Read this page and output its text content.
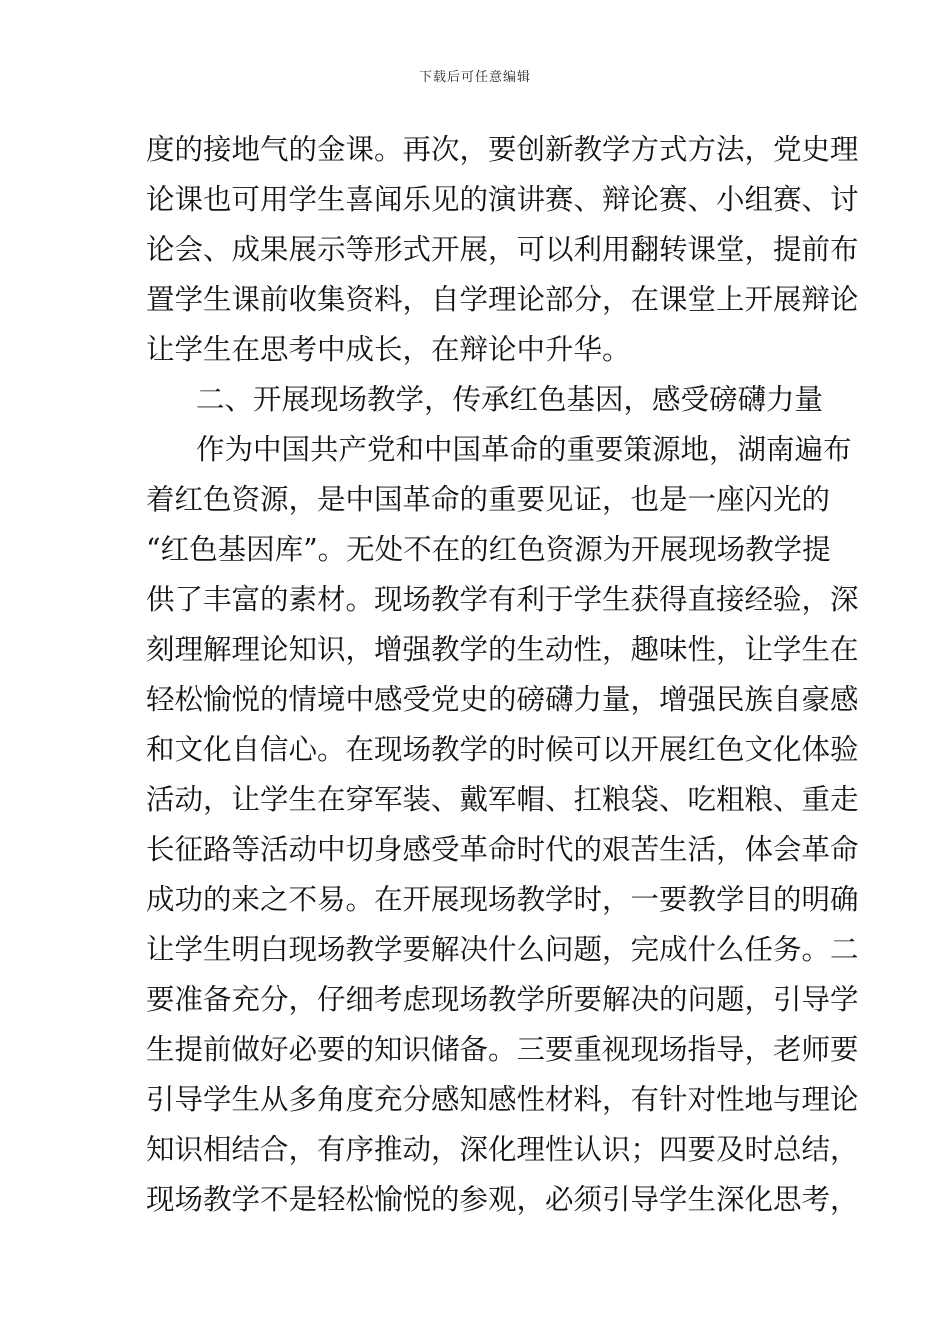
下载后可任意编辑
度的接地气的金课。再次，要创新教学方式方法，党史理
论课也可用学生喜闻乐见的演讲赛、辩论赛、小组赛、讨
论会、成果展示等形式开展，可以利用翻转课堂，提前布
置学生课前收集资料，自学理论部分，在课堂上开展辩论
让学生在思考中成长，在辩论中升华。
二、开展现场教学，传承红色基因，感受磅礴力量
作为中国共产党和中国革命的重要策源地，湖南遍布
着红色资源，是中国革命的重要见证，也是一座闪光的
“红色基因库”。无处不在的红色资源为开展现场教学提
供了丰富的素材。现场教学有利于学生获得直接经验，深
刻理解理论知识，增强教学的生动性，趣味性，让学生在
轻松愉悦的情境中感受党史的磅礴力量，增强民族自豪感
和文化自信心。在现场教学的时候可以开展红色文化体验
活动，让学生在穿军装、戴军帽、扛粮袋、吃粗粮、重走
长征路等活动中切身感受革命时代的艰苦生活，体会革命
成功的来之不易。在开展现场教学时，一要教学目的明确
让学生明白现场教学要解决什么问题，完成什么任务。二
要准备充分，仔细考虑现场教学所要解决的问题，引导学
生提前做好必要的知识储备。三要重视现场指导，老师要
引导学生从多角度充分感知感性材料，有针对性地与理论
知识相结合，有序推动，深化理性认识；四要及时总结，
现场教学不是轻松愉悦的参观，必须引导学生深化思考，
